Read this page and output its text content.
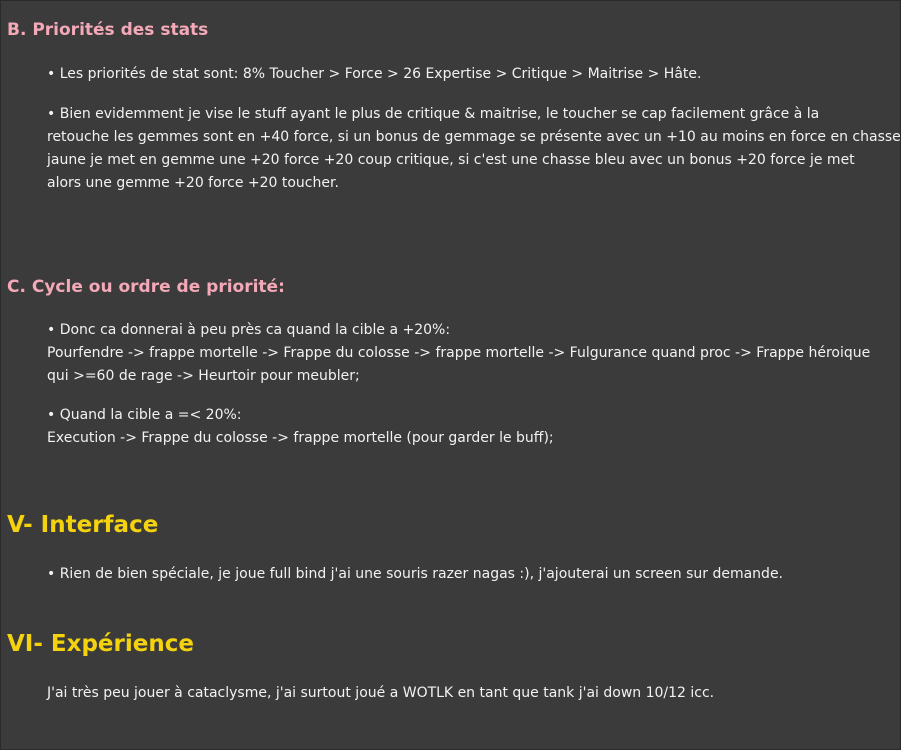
B. Priorités des stats

• Les priorités de stat sont: 8% Toucher > Force > 26 Expertise > Critique > Maitrise > Hâte.

• Bien evidemment je vise le stuff ayant le plus de critique & maitrise, le toucher se cap facilement grâce à la
retouche les gemmes sont en +40 force, si un bonus de gemmage se présente avec un +10 au moins en force en chasse
jaune je met en gemme une +20 force +20 coup critique, si c'est une chasse bleu avec un bonus +20 force je met
alors une gemme +20 force +20 toucher.

C. Cycle ou ordre de priorité:

• Donc ca donnerai à peu près ca quand la cible a +20%:
Pourfendre -> frappe mortelle -> Frappe du colosse -> frappe mortelle -> Fulgurance quand proc -> Frappe héroique
qui >=60 de rage -> Heurtoir pour meubler;

• Quand la cible a =< 20%:
Execution -> Frappe du colosse -> frappe mortelle (pour garder le buff);

V- Interface

• Rien de bien spéciale, je joue full bind j'ai une souris razer nagas :), j'ajouterai un screen sur demande.

VI- Expérience

J'ai très peu jouer à cataclysme, j'ai surtout joué a WOTLK en tant que tank j'ai down 10/12 icc.
